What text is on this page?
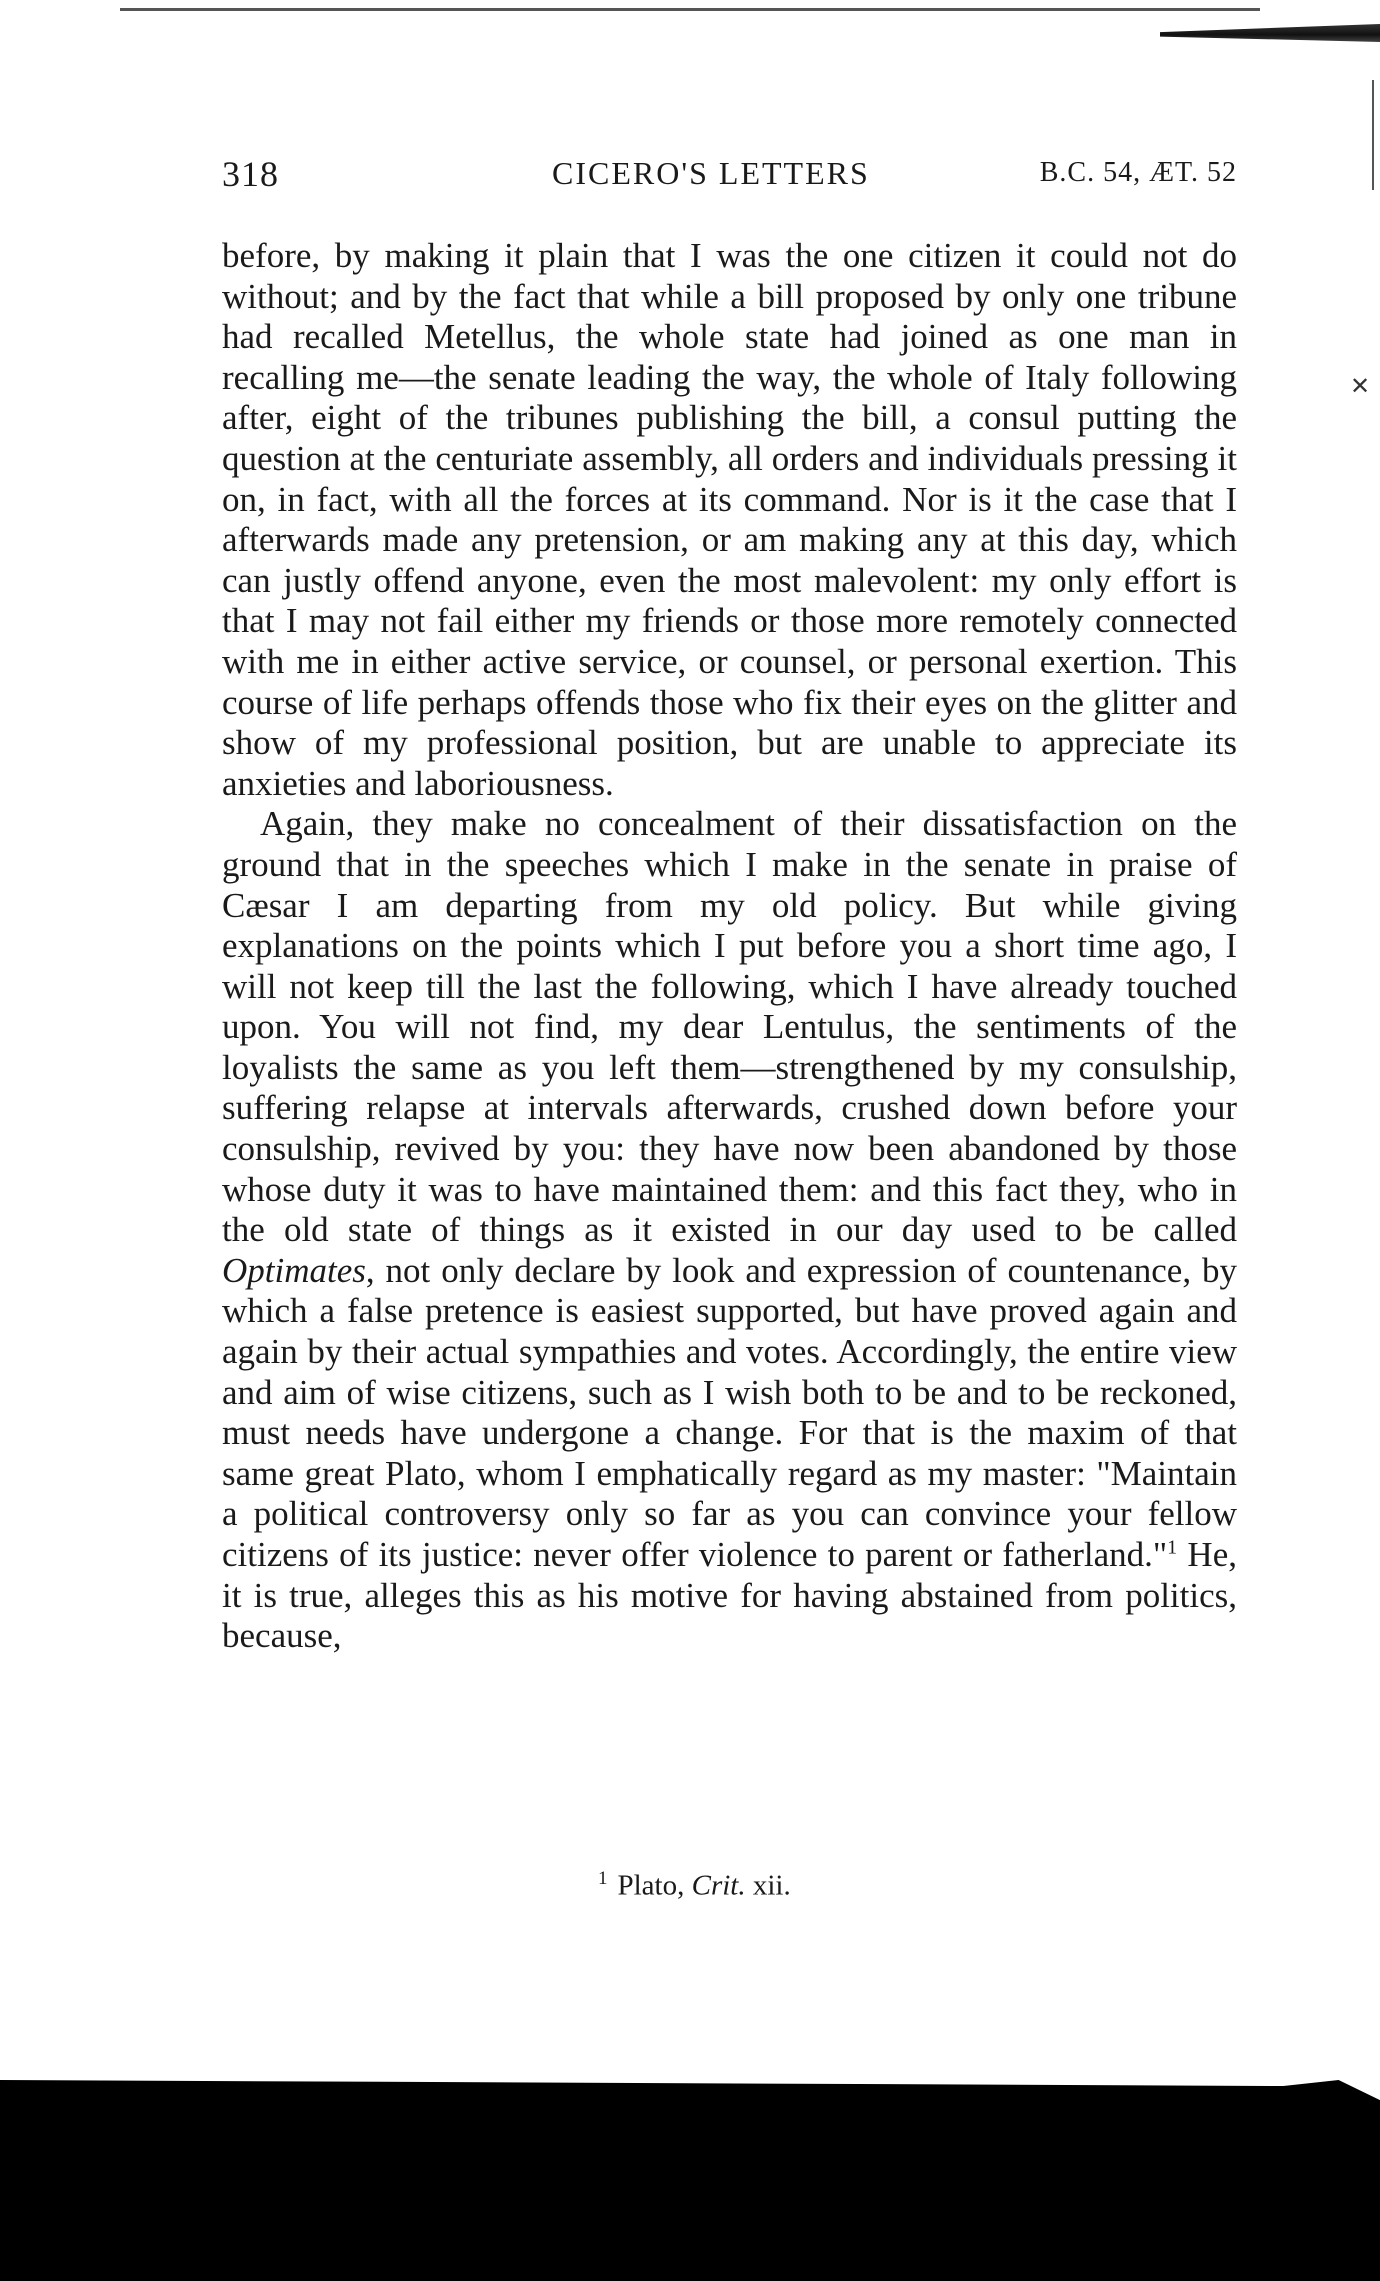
✕
318	CICERO'S LETTERS	B.C. 54, ÆT. 52

before, by making it plain that I was the one citizen it could not do without; and by the fact that while a bill proposed by only one tribune had recalled Metellus, the whole state had joined as one man in recalling me—the senate leading the way, the whole of Italy following after, eight of the tribunes publishing the bill, a consul putting the question at the centuriate assembly, all orders and individuals pressing it on, in fact, with all the forces at its command. Nor is it the case that I afterwards made any pretension, or am making any at this day, which can justly offend anyone, even the most malevolent: my only effort is that I may not fail either my friends or those more remotely connected with me in either active service, or counsel, or personal exertion. This course of life perhaps offends those who fix their eyes on the glitter and show of my professional position, but are unable to appreciate its anxieties and laboriousness.

Again, they make no concealment of their dissatisfaction on the ground that in the speeches which I make in the senate in praise of Cæsar I am departing from my old policy. But while giving explanations on the points which I put before you a short time ago, I will not keep till the last the following, which I have already touched upon. You will not find, my dear Lentulus, the sentiments of the loyalists the same as you left them—strengthened by my consulship, suffering relapse at intervals afterwards, crushed down before your consulship, revived by you: they have now been abandoned by those whose duty it was to have maintained them: and this fact they, who in the old state of things as it existed in our day used to be called Optimates, not only declare by look and expression of countenance, by which a false pretence is easiest supported, but have proved again and again by their actual sympathies and votes. Accordingly, the entire view and aim of wise citizens, such as I wish both to be and to be reckoned, must needs have undergone a change. For that is the maxim of that same great Plato, whom I emphatically regard as my master: "Maintain a political controversy only so far as you can convince your fellow citizens of its justice: never offer violence to parent or fatherland."$^1$ He, it is true, alleges this as his motive for having abstained from politics, because,

$^1$ Plato, Crit. xii.
